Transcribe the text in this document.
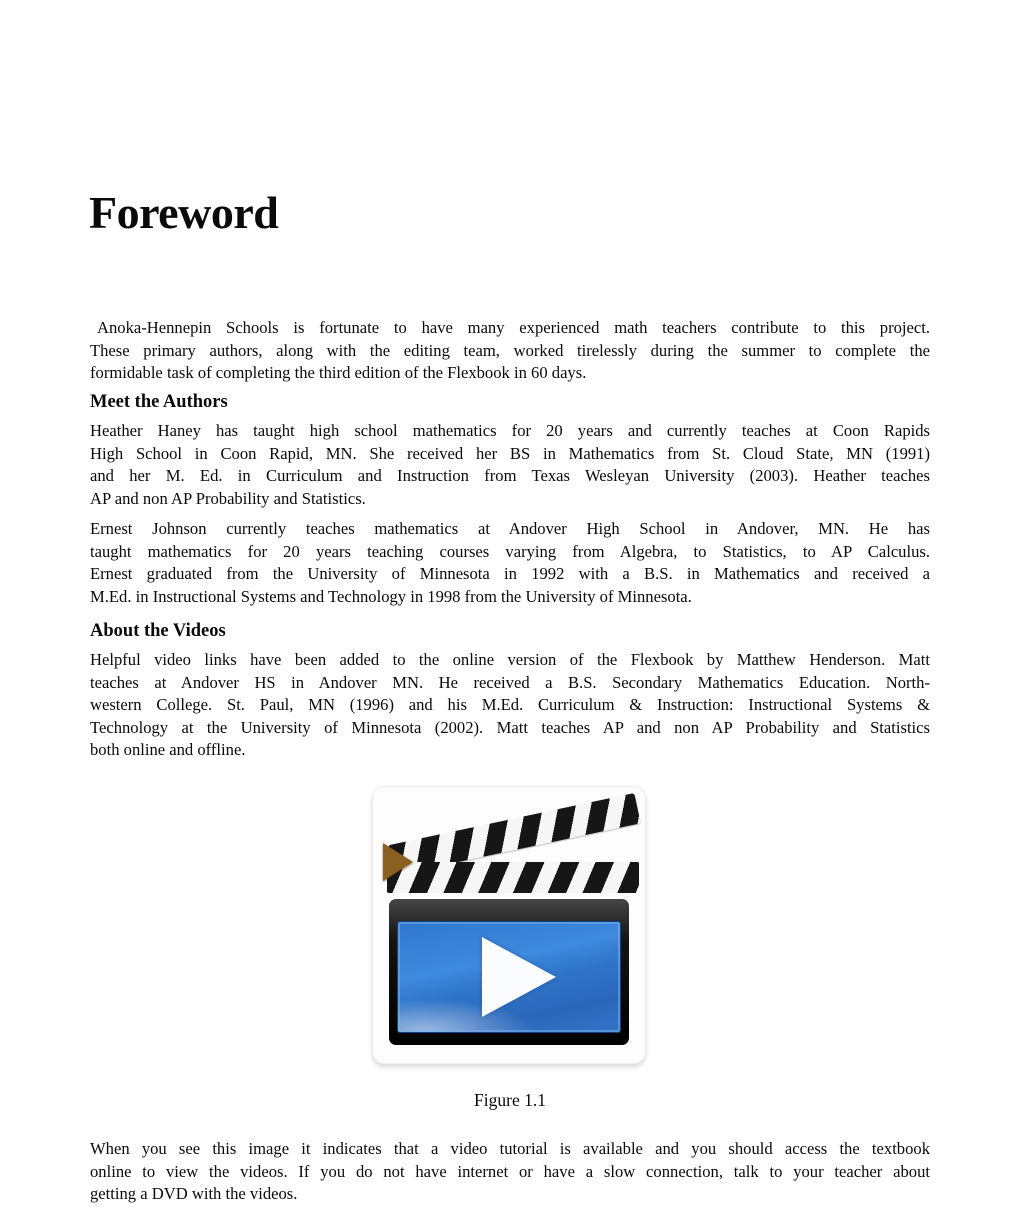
Foreword
Anoka-Hennepin Schools is fortunate to have many experienced math teachers contribute to this project.
These primary authors, along with the editing team, worked tirelessly during the summer to complete the
formidable task of completing the third edition of the Flexbook in 60 days.
Meet the Authors
Heather Haney has taught high school mathematics for 20 years and currently teaches at Coon Rapids
High School in Coon Rapid, MN. She received her BS in Mathematics from St. Cloud State, MN (1991)
and her M. Ed. in Curriculum and Instruction from Texas Wesleyan University (2003). Heather teaches
AP and non AP Probability and Statistics.
Ernest Johnson currently teaches mathematics at Andover High School in Andover, MN. He has
taught mathematics for 20 years teaching courses varying from Algebra, to Statistics, to AP Calculus.
Ernest graduated from the University of Minnesota in 1992 with a B.S. in Mathematics and received a
M.Ed. in Instructional Systems and Technology in 1998 from the University of Minnesota.
About the Videos
Helpful video links have been added to the online version of the Flexbook by Matthew Henderson. Matt
teaches at Andover HS in Andover MN. He received a B.S. Secondary Mathematics Education. North-
western College. St. Paul, MN (1996) and his M.Ed. Curriculum & Instruction: Instructional Systems &
Technology at the University of Minnesota (2002). Matt teaches AP and non AP Probability and Statistics
both online and offline.
Figure 1.1
When you see this image it indicates that a video tutorial is available and you should access the textbook
online to view the videos. If you do not have internet or have a slow connection, talk to your teacher about
getting a DVD with the videos.
